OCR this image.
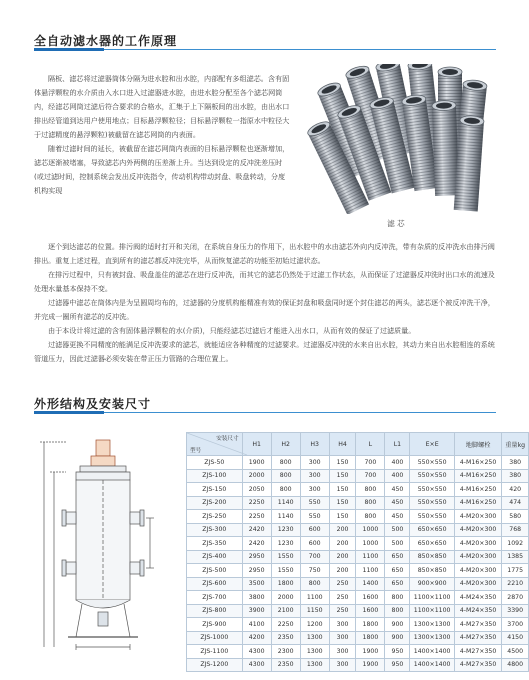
全自动滤水器的工作原理

隔板、滤芯将过滤器筒体分隔为进水腔和出水腔，内部配有多组滤芯。含有固体悬浮颗粒的水介质由入水口进入过滤器进水腔，由进水腔分配至各个滤芯网筒内，经滤芯网筒过滤后符合要求的合格水，汇集于上下隔板间的出水腔，由出水口排出经管道到达用户使用地点；目标悬浮颗粒径；目标悬浮颗粒一指原水中粒径大于过滤精度的悬浮颗粒)被截留在滤芯网筒的内表面。

随着过滤时间的延长，被截留在滤芯网筒内表面的目标悬浮颗粒也逐渐增加，滤芯逐渐被堵塞，导致滤芯内外两侧的压差渐上升。当达到设定的反冲洗差压时(或过滤时间，控制系统会发出反冲洗指令，传动机构带动封盘、吸盘转动，分度机构实现

滤 芯

逐个到达滤芯的位置。排污阀的适时打开和关闭，在系统自身压力的作用下，出水腔中的水由滤芯外向内反冲洗，带有杂质的反冲洗水由排污阀排出。重复上述过程，直到所有的滤芯都反冲洗完毕，从而恢复滤芯的功能至初始过滤状态。

在排污过程中，只有被封盘、吸盘盖住的滤芯在进行反冲洗，而其它的滤芯仍然处于过滤工作状态，从而保证了过滤器反冲洗时出口水的流速及处理水量基本保持不变。

过滤器中滤芯在筒体内是为呈圆周均布的，过滤器的分度机构能精准有效的保证封盘和吸盘同时逐个封住滤芯的两头，滤芯逐个被反冲洗干净，并完成一圈所有滤芯的反冲洗。

由于本设计将过滤的含有固体悬浮颗粒的水(介质)，只能经滤芯过滤后才能进入出水口，从而有效的保证了过滤质量。

过滤器更换不同精度的能满足反冲洗要求的滤芯，就能适应各种精度的过滤要求。过滤器反冲洗的水来自出水腔，其动力来自出水腔相连的系统管道压力，因此过滤器必须安装在带正压力管路的合理位置上。

外形结构及安装尺寸
安装尺寸
型号	H1	H2	H3	H4	L	L1	E×E	地脚螺栓	重量kg
ZJS-50	1900	800	300	150	700	400	550×550	4-M16×250	380
ZJS-100	2000	800	300	150	700	400	550×550	4-M16×250	380
ZJS-150	2050	800	300	150	800	450	550×550	4-M16×250	420
ZJS-200	2250	1140	550	150	800	450	550×550	4-M16×250	474
ZJS-250	2250	1140	550	150	800	450	550×550	4-M20×300	580
ZJS-300	2420	1230	600	200	1000	500	650×650	4-M20×300	768
ZJS-350	2420	1230	600	200	1000	500	650×650	4-M20×300	1092
ZJS-400	2950	1550	700	200	1100	650	850×850	4-M20×300	1385
ZJS-500	2950	1550	750	200	1100	650	850×850	4-M20×300	1775
ZJS-600	3500	1800	800	250	1400	650	900×900	4-M20×300	2210
ZJS-700	3800	2000	1100	250	1600	800	1100×1100	4-M24×350	2870
ZJS-800	3900	2100	1150	250	1600	800	1100×1100	4-M24×350	3390
ZJS-900	4100	2250	1200	300	1800	900	1300×1300	4-M27×350	3700
ZJS-1000	4200	2350	1300	300	1800	900	1300×1300	4-M27×350	4150
ZJS-1100	4300	2300	1300	300	1900	950	1400×1400	4-M27×350	4500
ZJS-1200	4300	2350	1300	300	1900	950	1400×1400	4-M27×350	4800
